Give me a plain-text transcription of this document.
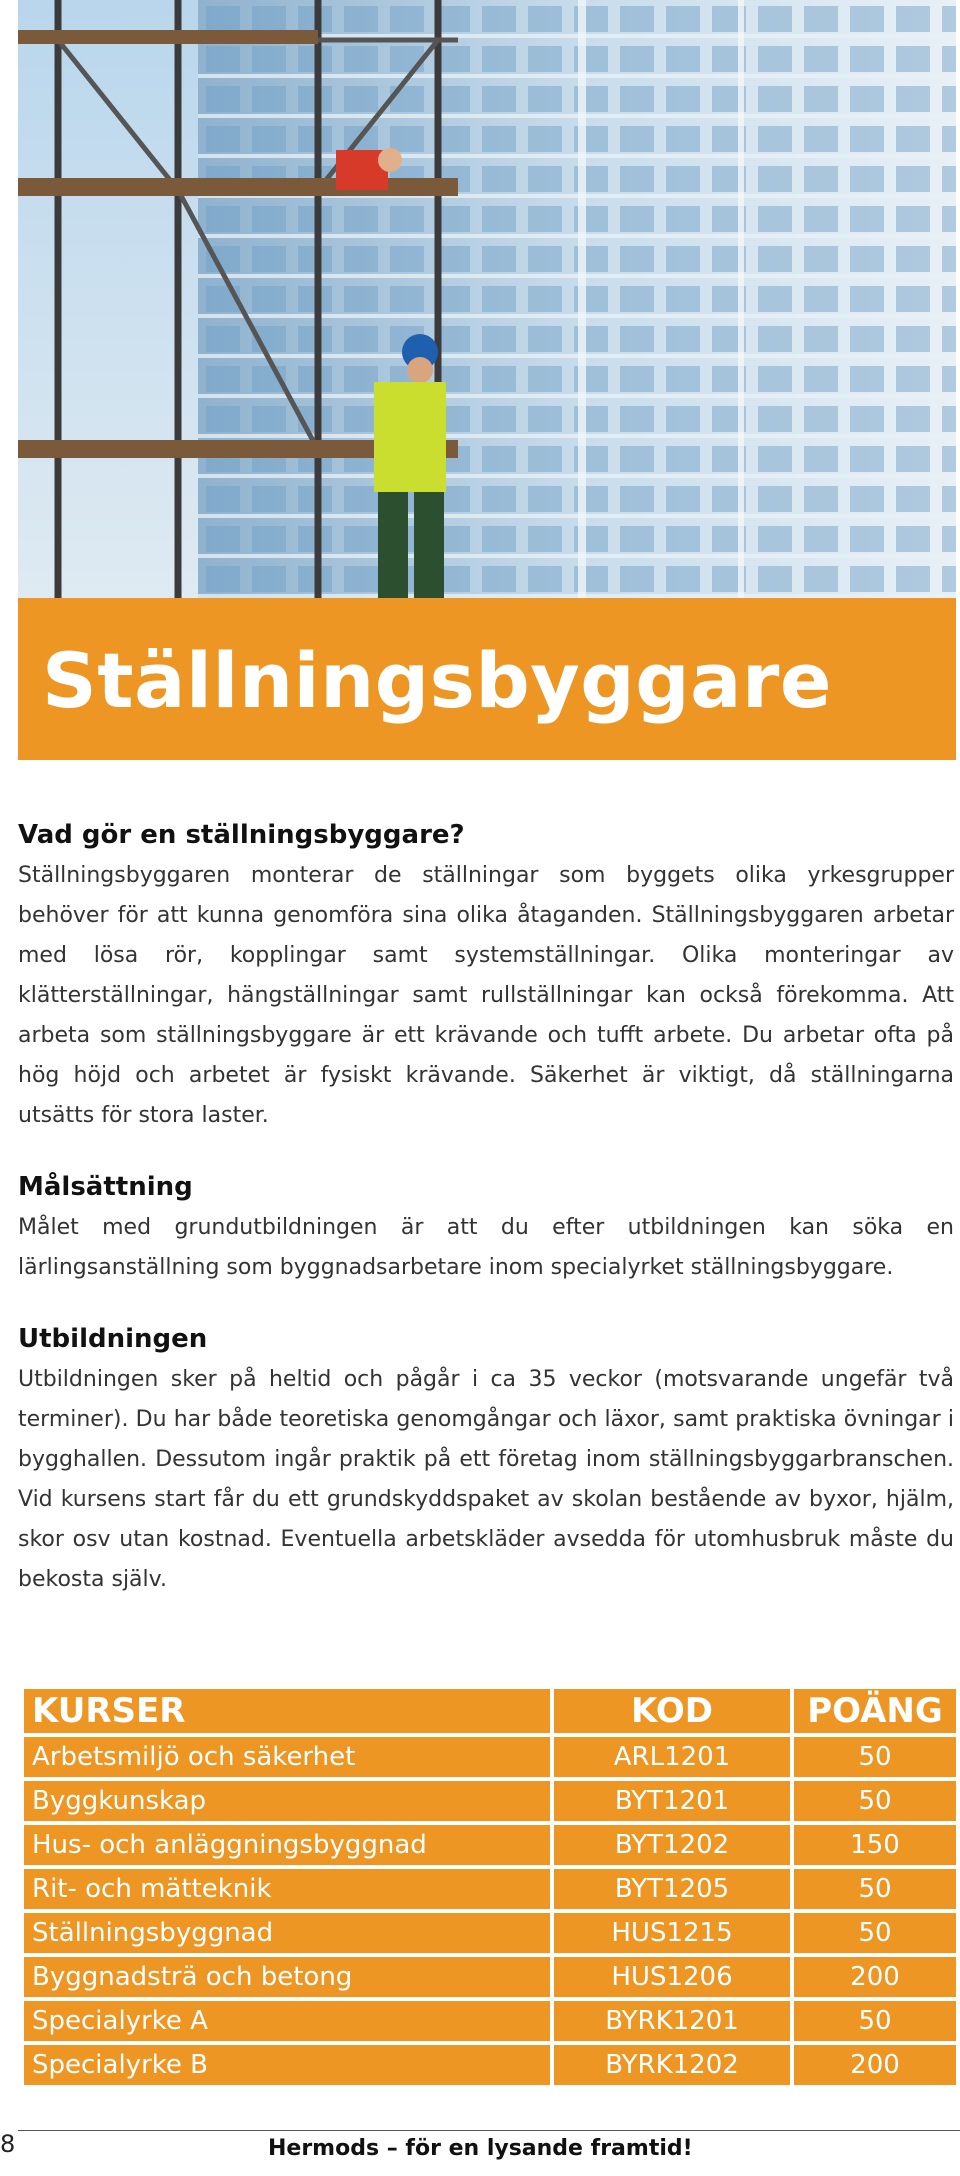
Ställningsbyggare
Vad gör en ställningsbyggare?

Ställningsbyggaren monterar de ställningar som byggets olika yrkesgrupper behöver för att kunna genomföra sina olika åtaganden. Ställningsbyggaren arbetar med lösa rör, kopplingar samt systemställningar. Olika monteringar av klätterställningar, hängställningar samt rullställningar kan också förekomma. Att arbeta som ställningsbyggare är ett krävande och tufft arbete. Du arbetar ofta på hög höjd och arbetet är fysiskt krävande. Säkerhet är viktigt, då ställningarna utsätts för stora laster.

Målsättning

Målet med grundutbildningen är att du efter utbildningen kan söka en lärlingsanställning som byggnadsarbetare inom specialyrket ställningsbyggare.

Utbildningen

Utbildningen sker på heltid och pågår i ca 35 veckor (motsvarande ungefär två terminer). Du har både teoretiska genomgångar och läxor, samt praktiska övningar i bygghallen. Dessutom ingår praktik på ett företag inom ställningsbyggarbranschen. Vid kursens start får du ett grundskyddspaket av skolan bestående av byxor, hjälm, skor osv utan kostnad. Eventuella arbetskläder avsedda för utomhusbruk måste du bekosta själv.

KURSER	KOD	POÄNG
Arbetsmiljö och säkerhet	ARL1201	50
Byggkunskap	BYT1201	50
Hus- och anläggningsbyggnad	BYT1202	150
Rit- och mätteknik	BYT1205	50
Ställningsbyggnad	HUS1215	50
Byggnadsträ och betong	HUS1206	200
Specialyrke A	BYRK1201	50
Specialyrke B	BYRK1202	200
8	Hermods – för en lysande framtid!
